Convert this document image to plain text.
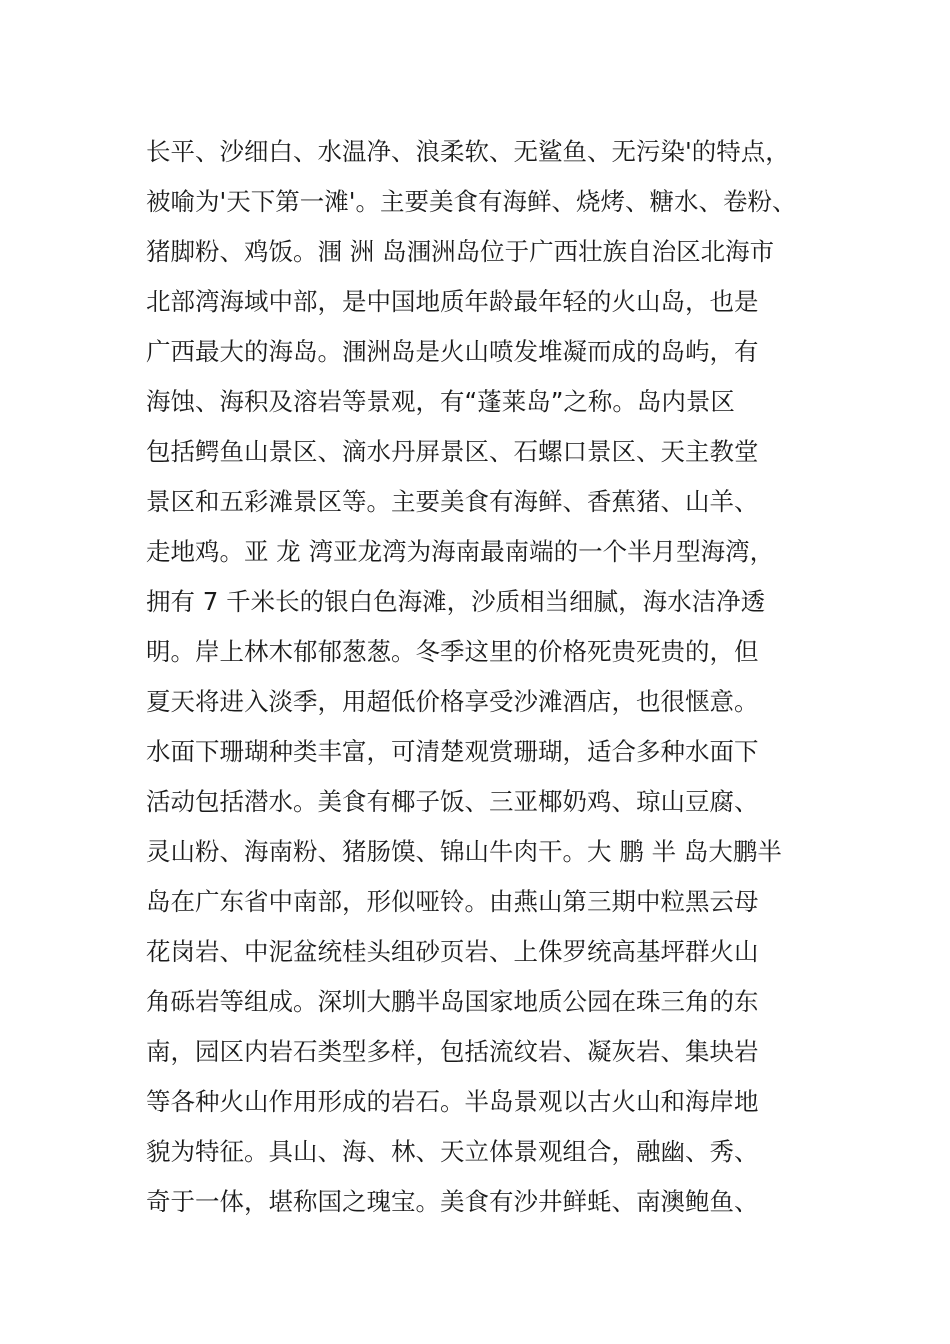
长平、沙细白、水温净、浪柔软、无鲨鱼、无污染'的特点，
被喻为'天下第一滩'。主要美食有海鲜、烧烤、糖水、卷粉、
猪脚粉、鸡饭。涠 洲 岛涠洲岛位于广西壮族自治区北海市
北部湾海域中部，是中国地质年龄最年轻的火山岛，也是
广西最大的海岛。涠洲岛是火山喷发堆凝而成的岛屿，有
海蚀、海积及溶岩等景观，有“蓬莱岛”之称。岛内景区
包括鳄鱼山景区、滴水丹屏景区、石螺口景区、天主教堂
景区和五彩滩景区等。主要美食有海鲜、香蕉猪、山羊、
走地鸡。亚 龙 湾亚龙湾为海南最南端的一个半月型海湾，
拥有 7 千米长的银白色海滩，沙质相当细腻，海水洁净透
明。岸上林木郁郁葱葱。冬季这里的价格死贵死贵的，但
夏天将进入淡季，用超低价格享受沙滩酒店，也很惬意。
水面下珊瑚种类丰富，可清楚观赏珊瑚，适合多种水面下
活动包括潜水。美食有椰子饭、三亚椰奶鸡、琼山豆腐、
灵山粉、海南粉、猪肠馍、锦山牛肉干。大 鹏 半 岛大鹏半
岛在广东省中南部，形似哑铃。由燕山第三期中粒黑云母
花岗岩、中泥盆统桂头组砂页岩、上侏罗统高基坪群火山
角砾岩等组成。深圳大鹏半岛国家地质公园在珠三角的东
南，园区内岩石类型多样，包括流纹岩、凝灰岩、集块岩
等各种火山作用形成的岩石。半岛景观以古火山和海岸地
貌为特征。具山、海、林、天立体景观组合，融幽、秀、
奇于一体，堪称国之瑰宝。美食有沙井鲜蚝、南澳鲍鱼、
